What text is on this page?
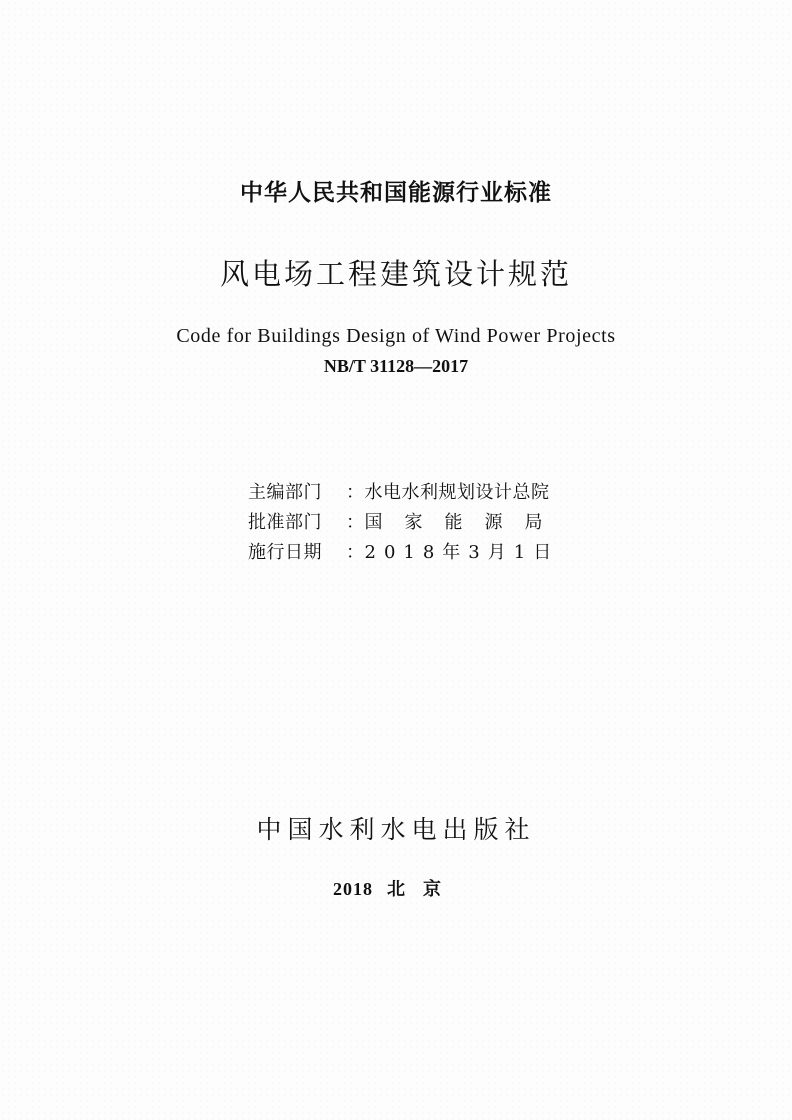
中华人民共和国能源行业标准
风电场工程建筑设计规范
Code for Buildings Design of Wind Power Projects
NB/T 31128—2017
主编部门 ：水电水利规划设计总院
批准部门 ：国家能源局
施行日期 ：2018年3月1日
中国水利水电出版社
2018 北京
